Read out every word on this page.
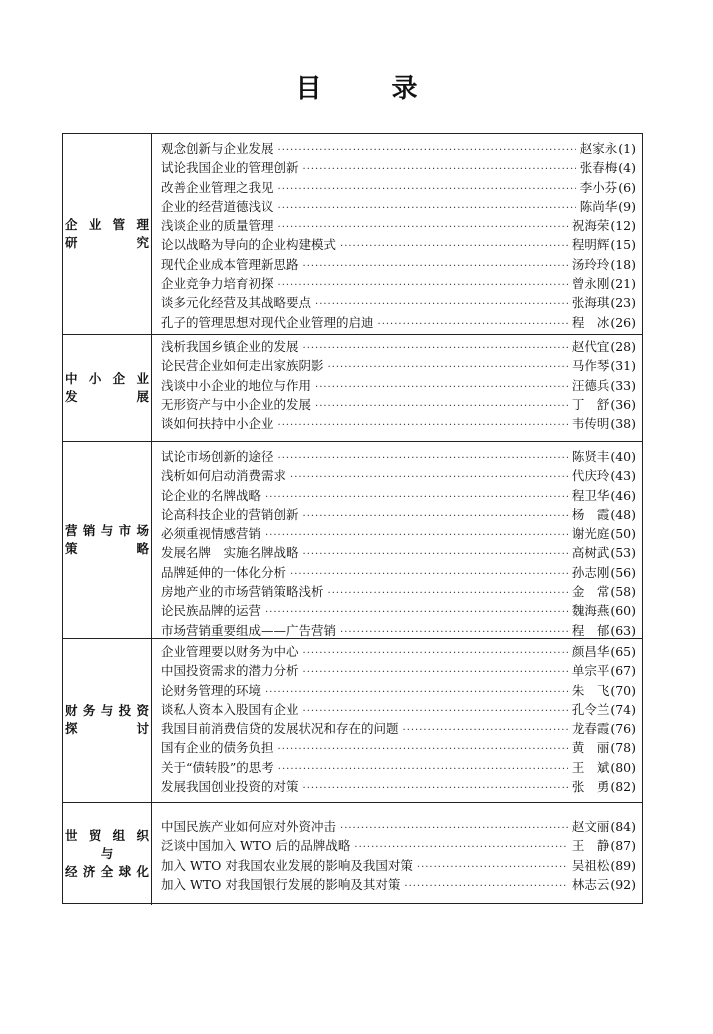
目	录
企 业 管 理
研	究
观念创新与企业发展 ·····	赵家永 (1)
试论我国企业的管理创新 ·····	张春梅 (4)
改善企业管理之我见 ·····	李小芬 (6)
企业的经营道德浅议 ·····	陈尚华 (9)
浅谈企业的质量管理 ·····	祝海荣 (12)
论以战略为导向的企业构建模式 ·····	程明辉 (15)
现代企业成本管理新思路 ·····	汤玲玲 (18)
企业竞争力培育初探 ·····	曾永刚 (21)
谈多元化经营及其战略要点 ·····	张海琪 (23)
孔子的管理思想对现代企业管理的启迪 ·····	程　冰 (26)
中 小 企 业
发	展
浅析我国乡镇企业的发展 ·····	赵代宜 (28)
论民营企业如何走出家族阴影 ·····	马作琴 (31)
浅谈中小企业的地位与作用 ·····	汪德兵 (33)
无形资产与中小企业的发展 ·····	丁　舒 (36)
谈如何扶持中小企业 ·····	韦传明 (38)
营 销 与 市 场
策	略
试论市场创新的途径 ·····	陈贤丰 (40)
浅析如何启动消费需求 ·····	代庆玲 (43)
论企业的名牌战略 ·····	程卫华 (46)
论高科技企业的营销创新 ·····	杨　霞 (48)
必须重视情感营销 ·····	谢光庭 (50)
发展名牌　实施名牌战略 ·····	高树武 (53)
品牌延伸的一体化分析 ·····	孙志刚 (56)
房地产业的市场营销策略浅析 ·····	金　常 (58)
论民族品牌的运营 ·····	魏海燕 (60)
市场营销重要组成——广告营销 ·····	程　郁 (63)
财 务 与 投 资
探	讨
企业管理要以财务为中心 ·····	颜昌华 (65)
中国投资需求的潜力分析 ·····	单宗平 (67)
论财务管理的环境 ·····	朱　飞 (70)
谈私人资本入股国有企业 ·····	孔令兰 (74)
我国目前消费信贷的发展状况和存在的问题 ·····	龙春霞 (76)
国有企业的债务负担 ·····	黄　丽 (78)
关于“债转股”的思考 ·····	王　斌 (80)
发展我国创业投资的对策 ·····	张　勇 (82)
世 贸 组 织
与
经 济 全 球 化
中国民族产业如何应对外资冲击 ·····	赵文丽 (84)
泛谈中国加入 WTO 后的品牌战略 ·····	王　静 (87)
加入 WTO 对我国农业发展的影响及我国对策 ·····	吴祖松 (89)
加入 WTO 对我国银行发展的影响及其对策 ·····	林志云 (92)
